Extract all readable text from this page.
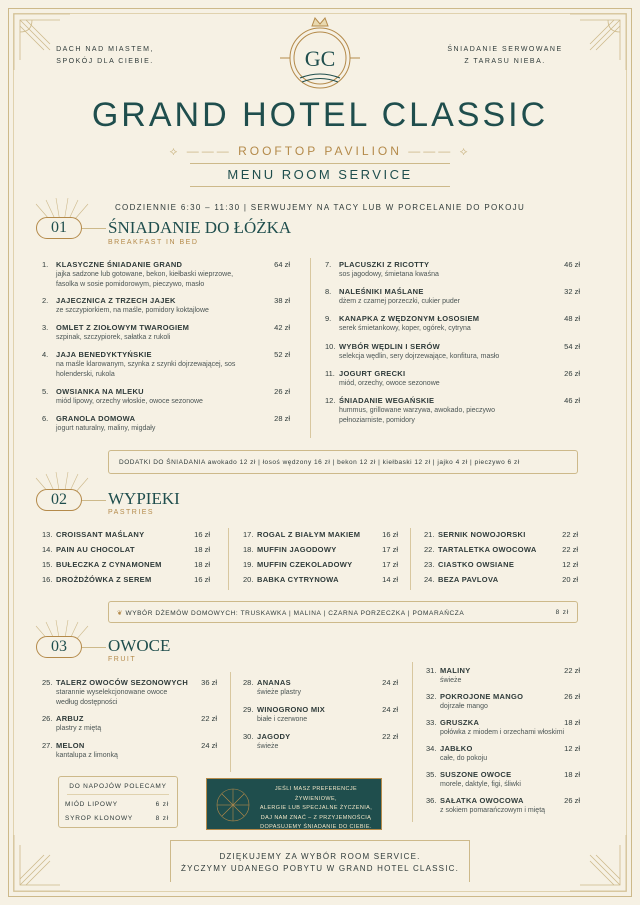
DACH NAD MIASTEM,
SPOKÓJ DLA CIEBIE.
ŚNIADANIE SERWOWANE
Z TARASU NIEBA.
GC
GRAND HOTEL CLASSIC
⟡ ——— ROOFTOP PAVILION ——— ⟡
MENU ROOM SERVICE
CODZIENNIE 6:30 – 11:30 | SERWUJEMY NA TACY LUB W PORCELANIE DO POKOJU
01	ŚNIADANIE DO ŁÓŻKA
BREAKFAST IN BED
1. KLASYCZNE ŚNIADANIE GRAND	64 zł
jajka sadzone lub gotowane, bekon, kiełbaski wieprzowe, fasolka w sosie pomidorowym, pieczywo, masło
2. JAJECZNICA Z TRZECH JAJEK	38 zł
ze szczypiorkiem, na maśle, pomidory koktajlowe
3. OMLET Z ZIOŁOWYM TWAROGIEM	42 zł
szpinak, szczypiorek, sałatka z rukoli
4. JAJA BENEDYKTYŃSKIE	52 zł
na maśle klarowanym, szynka z szynki dojrzewającej, sos holenderski, rukola
5. OWSIANKA NA MLEKU	26 zł
miód lipowy, orzechy włoskie, owoce sezonowe
6. GRANOLA DOMOWA	28 zł
jogurt naturalny, maliny, migdały
7. PLACUSZKI Z RICOTTY	46 zł
sos jagodowy, śmietana kwaśna
8. NALEŚNIKI MAŚLANE	32 zł
dżem z czarnej porzeczki, cukier puder
9. KANAPKA Z WĘDZONYM ŁOSOSIEM	48 zł
serek śmietankowy, koper, ogórek, cytryna
10. WYBÓR WĘDLIN I SERÓW	54 zł
selekcja wędlin, sery dojrzewające, konfitura, masło
11. JOGURT GRECKI	26 zł
miód, orzechy, owoce sezonowe
12. ŚNIADANIE WEGAŃSKIE	46 zł
hummus, grillowane warzywa, awokado, pieczywo pełnoziarniste, pomidory
DODATKI DO ŚNIADANIA awokado 12 zł | łosoś wędzony 16 zł | bekon 12 zł | kiełbaski 12 zł | jajko 4 zł | pieczywo 6 zł
02	WYPIEKI
PASTRIES
13. CROISSANT MAŚLANY	16 zł
14. PAIN AU CHOCOLAT	18 zł
15. BUŁECZKA Z CYNAMONEM	18 zł
16. DROŻDŻÓWKA Z SEREM	16 zł
17. ROGAL Z BIAŁYM MAKIEM	16 zł
18. MUFFIN JAGODOWY	17 zł
19. MUFFIN CZEKOLADOWY	17 zł
20. BABKA CYTRYNOWA	14 zł
21. SERNIK NOWOJORSKI	22 zł
22. TARTALETKA OWOCOWA	22 zł
23. CIASTKO OWSIANE	12 zł
24. BEZA PAVLOVA	20 zł
❦ WYBÓR DŻEMÓW DOMOWYCH: TRUSKAWKA | MALINA | CZARNA PORZECZKA | POMARAŃCZA	8 zł
03	OWOCE
FRUIT
25. TALERZ OWOCÓW SEZONOWYCH 36 zł
starannie wyselekcjonowane owoce według dostępności
26. ARBUZ	22 zł
plastry z miętą
27. MELON	24 zł
kantalupa z limonką
28. ANANAS	24 zł
świeże plastry
29. WINOGRONO MIX	24 zł
białe i czerwone
30. JAGODY	22 zł
świeże
31. MALINY	22 zł
świeże
32. POKROJONE MANGO	26 zł
dojrzałe mango
33. GRUSZKA	18 zł
połówka z miodem i orzechami włoskimi
34. JABŁKO	12 zł
całe, do pokoju
35. SUSZONE OWOCE	18 zł
morele, daktyle, figi, śliwki
36. SAŁATKA OWOCOWA	26 zł
z sokiem pomarańczowym i miętą
DO NAPOJÓW POLECAMY
MIÓD LIPOWY	6 zł
SYROP KLONOWY	8 zł
JEŚLI MASZ PREFERENCJE ŻYWIENIOWE,
ALERGIE LUB SPECJALNE ŻYCZENIA,
DAJ NAM ZNAĆ – Z PRZYJEMNOŚCIĄ
DOPASUJEMY ŚNIADANIE DO CIEBIE.
DZIĘKUJEMY ZA WYBÓR ROOM SERVICE.
ŻYCZYMY UDANEGO POBYTU W GRAND HOTEL CLASSIC.
